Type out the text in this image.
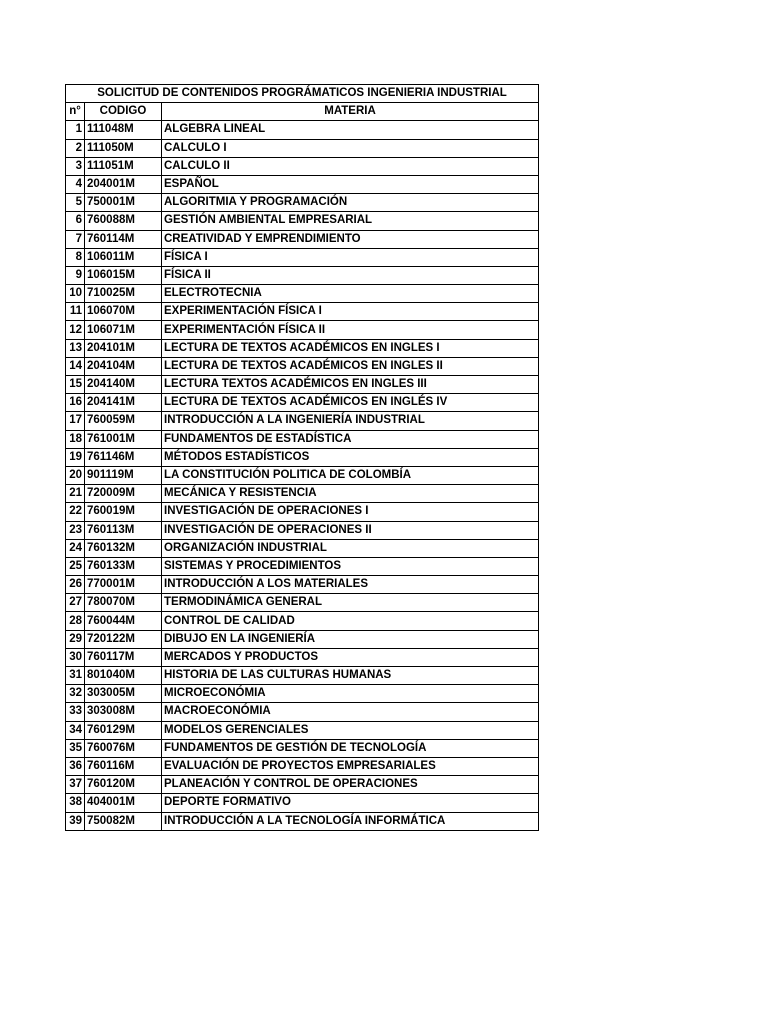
SOLICITUD DE CONTENIDOS PROGRÁMATICOS INGENIERIA INDUSTRIAL		
n°	CODIGO	MATERIA
1	111048M	ALGEBRA LINEAL
2	111050M	CALCULO I
3	111051M	CALCULO II
4	204001M	ESPAÑOL
5	750001M	ALGORITMIA Y PROGRAMACIÓN
6	760088M	GESTIÓN AMBIENTAL EMPRESARIAL
7	760114M	CREATIVIDAD Y EMPRENDIMIENTO
8	106011M	FÍSICA I
9	106015M	FÍSICA II
10	710025M	ELECTROTECNIA
11	106070M	EXPERIMENTACIÓN FÍSICA I
12	106071M	EXPERIMENTACIÓN FÍSICA II
13	204101M	LECTURA DE TEXTOS ACADÉMICOS EN INGLES I
14	204104M	LECTURA DE TEXTOS ACADÉMICOS EN INGLES II
15	204140M	LECTURA TEXTOS ACADÉMICOS EN INGLES III
16	204141M	LECTURA DE TEXTOS ACADÉMICOS EN INGLÉS IV
17	760059M	INTRODUCCIÓN A LA INGENIERÍA INDUSTRIAL
18	761001M	FUNDAMENTOS DE ESTADÍSTICA
19	761146M	MÉTODOS ESTADÍSTICOS
20	901119M	LA CONSTITUCIÓN POLITICA DE COLOMBÍA
21	720009M	MECÁNICA Y RESISTENCIA
22	760019M	INVESTIGACIÓN DE OPERACIONES I
23	760113M	INVESTIGACIÓN DE OPERACIONES II
24	760132M	ORGANIZACIÓN INDUSTRIAL
25	760133M	SISTEMAS Y PROCEDIMIENTOS
26	770001M	INTRODUCCIÓN A LOS MATERIALES
27	780070M	TERMODINÁMICA GENERAL
28	760044M	CONTROL DE CALIDAD
29	720122M	DIBUJO EN LA INGENIERÍA
30	760117M	MERCADOS Y PRODUCTOS
31	801040M	HISTORIA DE LAS CULTURAS HUMANAS
32	303005M	MICROECONÓMIA
33	303008M	MACROECONÓMIA
34	760129M	MODELOS GERENCIALES
35	760076M	FUNDAMENTOS DE GESTIÓN DE TECNOLOGÍA
36	760116M	EVALUACIÓN DE PROYECTOS EMPRESARIALES
37	760120M	PLANEACIÓN Y CONTROL DE OPERACIONES
38	404001M	DEPORTE FORMATIVO
39	750082M	INTRODUCCIÓN A LA TECNOLOGÍA INFORMÁTICA
